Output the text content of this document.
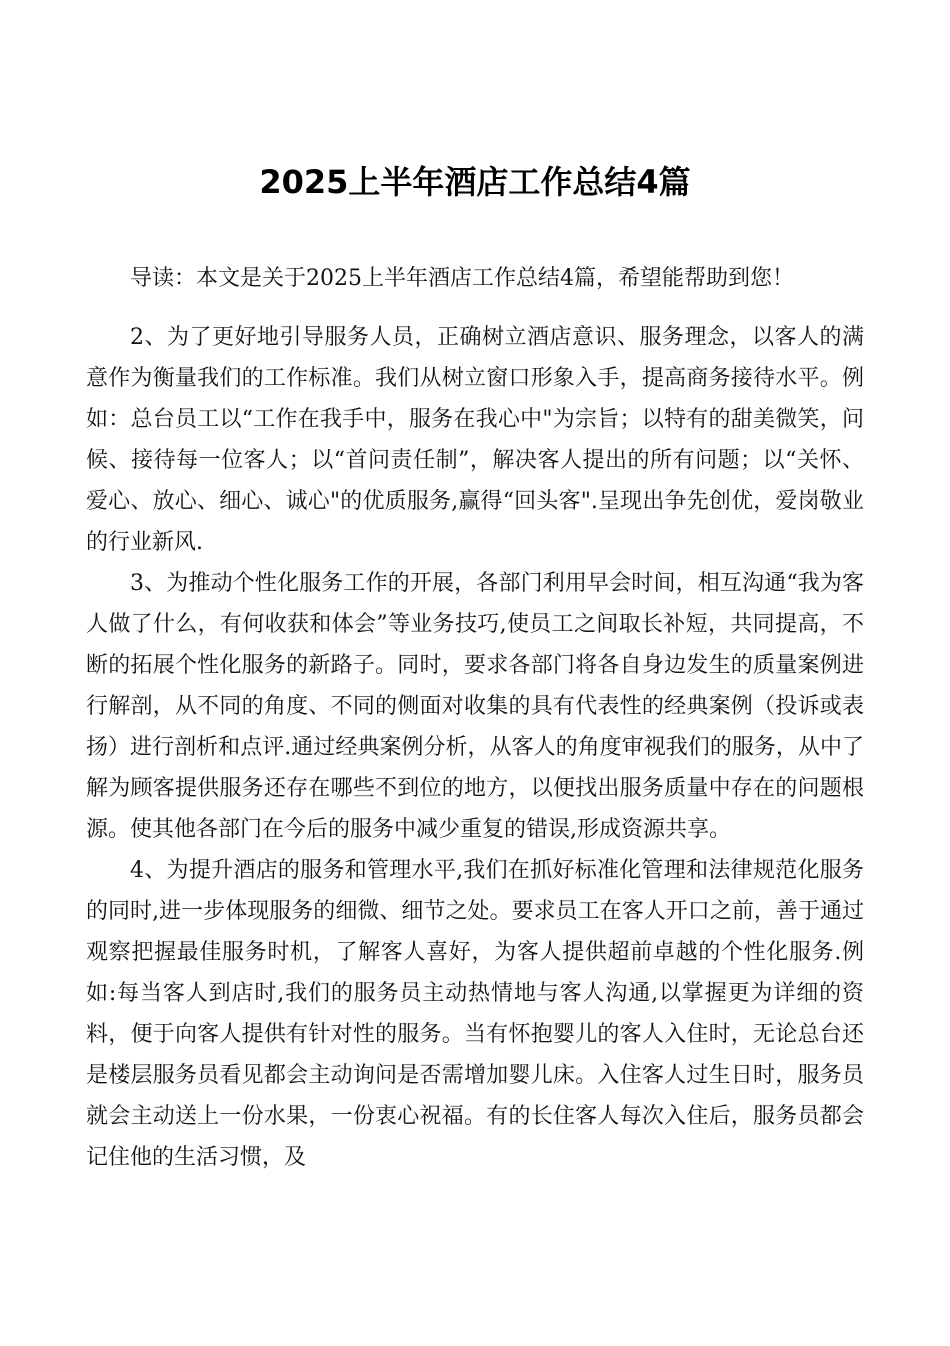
2025上半年酒店工作总结4篇

导读：本文是关于2025上半年酒店工作总结4篇，希望能帮助到您！

2、为了更好地引导服务人员，正确树立酒店意识、服务理念，以客人的满意作为衡量我们的工作标准。我们从树立窗口形象入手，提高商务接待水平。例如：总台员工以“工作在我手中，服务在我心中"为宗旨；以特有的甜美微笑，问候、接待每一位客人；以“首问责任制”，解决客人提出的所有问题；以“关怀、爱心、放心、细心、诚心"的优质服务,赢得“回头客".呈现出争先创优，爱岗敬业的行业新风.

3、为推动个性化服务工作的开展，各部门利用早会时间，相互沟通“我为客人做了什么，有何收获和体会”等业务技巧,使员工之间取长补短，共同提高，不断的拓展个性化服务的新路子。同时，要求各部门将各自身边发生的质量案例进行解剖，从不同的角度、不同的侧面对收集的具有代表性的经典案例（投诉或表扬）进行剖析和点评.通过经典案例分析，从客人的角度审视我们的服务，从中了解为顾客提供服务还存在哪些不到位的地方，以便找出服务质量中存在的问题根源。使其他各部门在今后的服务中减少重复的错误,形成资源共享。

4、为提升酒店的服务和管理水平,我们在抓好标准化管理和法律规范化服务的同时,进一步体现服务的细微、细节之处。要求员工在客人开口之前，善于通过观察把握最佳服务时机，了解客人喜好，为客人提供超前卓越的个性化服务.例如:每当客人到店时,我们的服务员主动热情地与客人沟通,以掌握更为详细的资料，便于向客人提供有针对性的服务。当有怀抱婴儿的客人入住时，无论总台还是楼层服务员看见都会主动询问是否需增加婴儿床。入住客人过生日时，服务员就会主动送上一份水果，一份衷心祝福。有的长住客人每次入住后，服务员都会记住他的生活习惯，及
